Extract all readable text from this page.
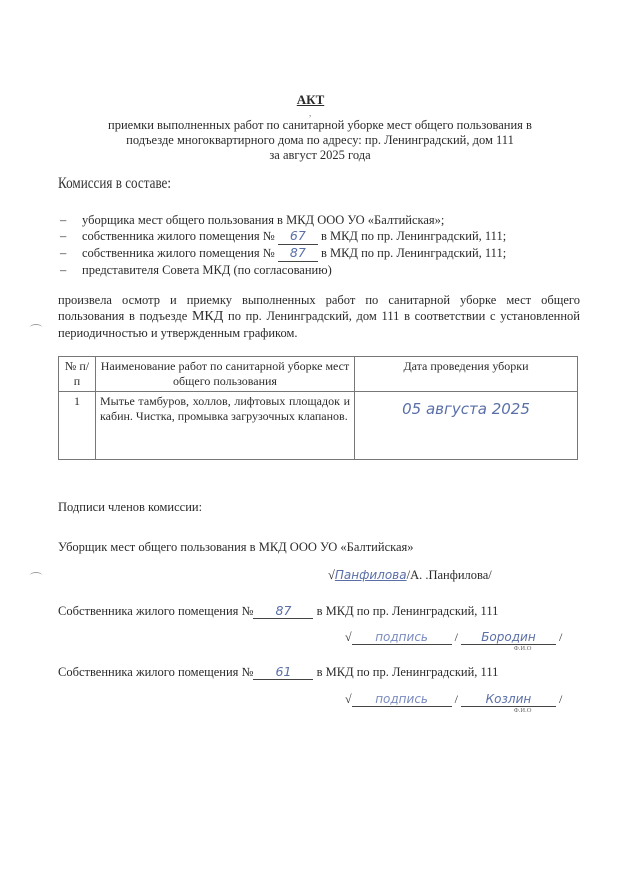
АКТ
,
приемки выполненных работ по санитарной уборке мест общего пользования в
подъезде многоквартирного дома по адресу: пр. Ленинградский, дом 111
за август 2025 года
Комиссия в составе:
– уборщика мест общего пользования в МКД ООО УО «Балтийская»;
– собственника жилого помещения № 67 в МКД по пр. Ленинградский, 111;
– собственника жилого помещения № 87 в МКД по пр. Ленинградский, 111;
– представителя Совета МКД (по согласованию)
произвела осмотр и приемку выполненных работ по санитарной уборке мест общего пользования в подъезде МКД по пр. Ленинградский, дом 111 в соответствии с установленной периодичностью и утвержденным графиком.
№ п/п	Наименование работ по санитарной уборке мест общего пользования	Дата проведения уборки
1	Мытье тамбуров, холлов, лифтовых площадок и кабин. Чистка, промывка загрузочных клапанов.	05 августа 2025
Подписи членов комиссии:
Уборщик мест общего пользования в МКД ООО УО «Балтийская»
√Панфилова/А. .Панфилова/
Собственника жилого помещения № 87 в МКД по пр. Ленинградский, 111
√ подпись / Бородин /
Ф.И.О
Собственника жилого помещения № 61 в МКД по пр. Ленинградский, 111
√ подпись / Козлин /
Ф.И.О
